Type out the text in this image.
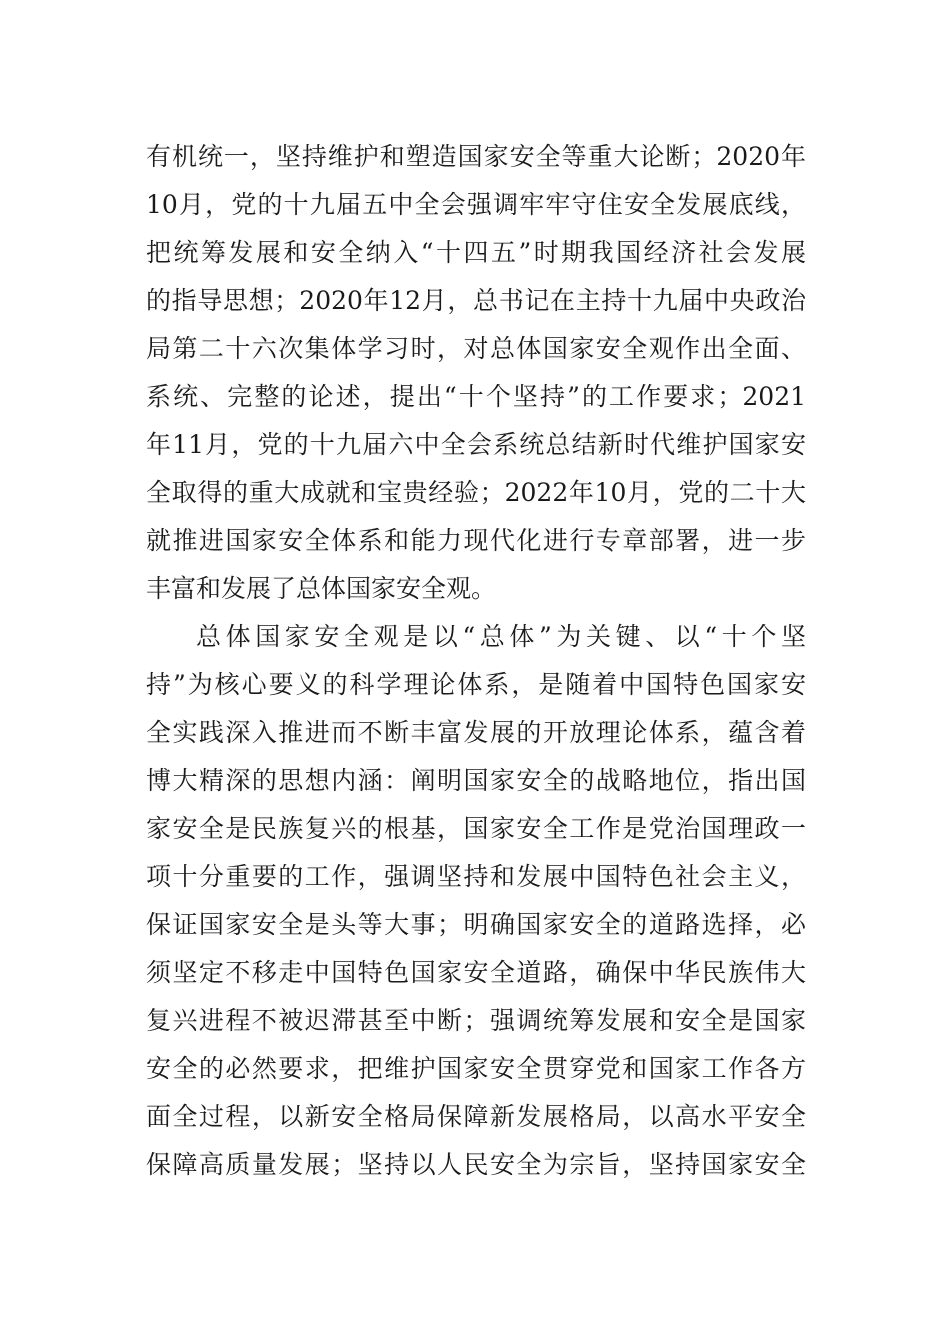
有机统一，坚持维护和塑造国家安全等重大论断；2020年
10月，党的十九届五中全会强调牢牢守住安全发展底线，
把统筹发展和安全纳入“十四五”时期我国经济社会发展
的指导思想；2020年12月，总书记在主持十九届中央政治
局第二十六次集体学习时，对总体国家安全观作出全面、
系统、完整的论述，提出“十个坚持”的工作要求；2021
年11月，党的十九届六中全会系统总结新时代维护国家安
全取得的重大成就和宝贵经验；2022年10月，党的二十大
就推进国家安全体系和能力现代化进行专章部署，进一步
丰富和发展了总体国家安全观。
总体国家安全观是以“总体”为关键、以“十个坚
持”为核心要义的科学理论体系，是随着中国特色国家安
全实践深入推进而不断丰富发展的开放理论体系，蕴含着
博大精深的思想内涵：阐明国家安全的战略地位，指出国
家安全是民族复兴的根基，国家安全工作是党治国理政一
项十分重要的工作，强调坚持和发展中国特色社会主义，
保证国家安全是头等大事；明确国家安全的道路选择，必
须坚定不移走中国特色国家安全道路，确保中华民族伟大
复兴进程不被迟滞甚至中断；强调统筹发展和安全是国家
安全的必然要求，把维护国家安全贯穿党和国家工作各方
面全过程，以新安全格局保障新发展格局，以高水平安全
保障高质量发展；坚持以人民安全为宗旨，坚持国家安全
